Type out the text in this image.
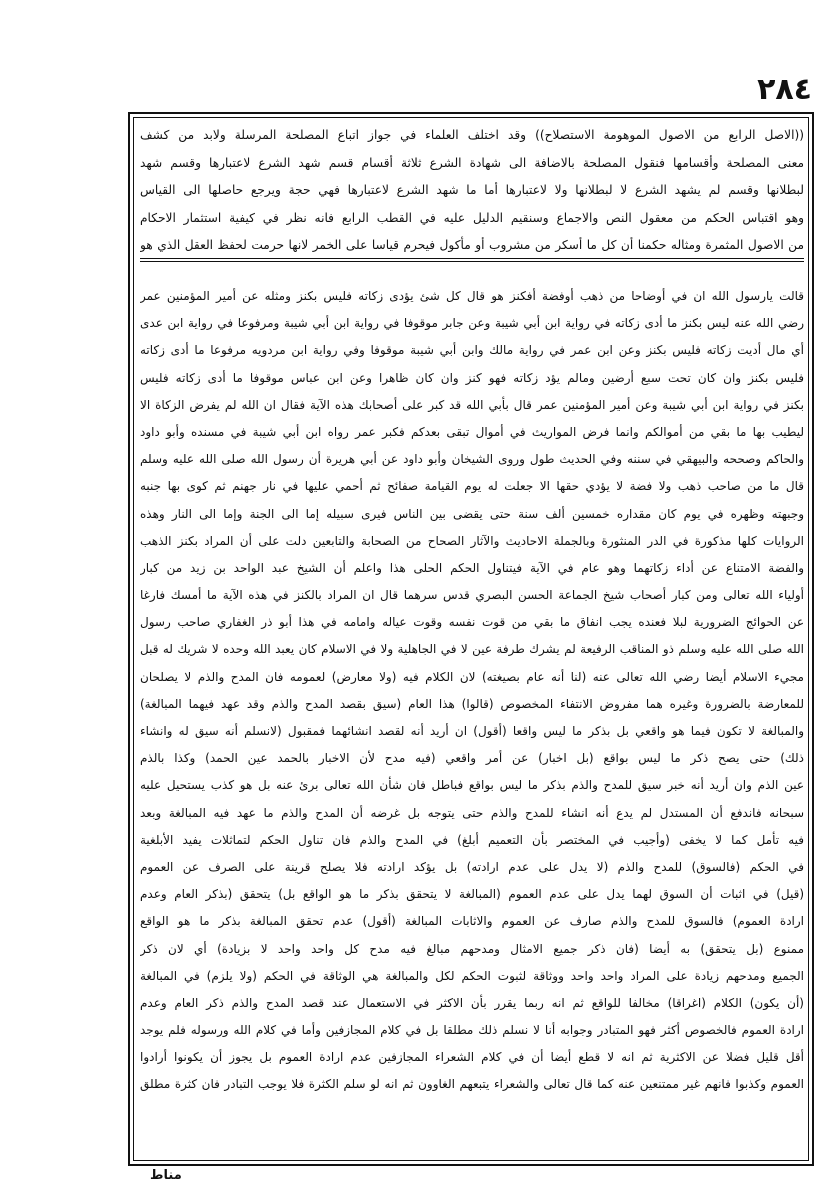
٢٨٤
((الاصل الرابع من الاصول الموهومة الاستصلاح)) وقد اختلف العلماء في جواز اتباع المصلحة المرسلة ولابد من كشف
معنى المصلحة وأقسامها فنقول المصلحة بالاضافة الى شهادة الشرع ثلاثة أقسام قسم شهد الشرع لاعتبارها وقسم شهد
لبطلانها وقسم لم يشهد الشرع لا لبطلانها ولا لاعتبارها أما ما شهد الشرع لاعتبارها فهي حجة ويرجع حاصلها الى القياس
وهو اقتباس الحكم من معقول النص والاجماع وسنقيم الدليل عليه في القطب الرابع فانه نظر في كيفية استثمار الاحكام
من الاصول المثمرة ومثاله حكمنا أن كل ما أسكر من مشروب أو مأكول فيحرم قياسا على الخمر لانها حرمت لحفظ العقل الذي هو
قالت يارسول الله ان في أوضاحا من ذهب أوفضة أفكنز هو قال كل شئ يؤدى زكاته فليس بكنز ومثله عن أمير المؤمنين عمر
رضي الله عنه ليس بكنز ما أدى زكاته في رواية ابن أبي شيبة وعن جابر موقوفا في رواية ابن أبي شيبة ومرفوعا في رواية ابن عدى
أي مال أديت زكاته فليس بكنز وعن ابن عمر في رواية مالك وابن أبي شيبة موقوفا وفي رواية ابن مردويه مرفوعا ما أدى زكاته
فليس بكنز وان كان تحت سبع أرضين ومالم يؤد زكاته فهو كنز وان كان ظاهرا وعن ابن عباس موقوفا ما أدى زكاته فليس
بكنز في رواية ابن أبي شيبة وعن أمير المؤمنين عمر قال بأبي الله قد كبر على أصحابك هذه الآية فقال ان الله لم يفرض الزكاة الا
ليطيب بها ما بقي من أموالكم وانما فرض المواريث في أموال تبقى بعدكم فكبر عمر رواه ابن أبي شيبة في مسنده وأبو داود
والحاكم وصححه والبيهقي في سننه وفي الحديث طول وروى الشيخان وأبو داود عن أبي هريرة أن رسول الله صلى الله عليه وسلم
قال ما من صاحب ذهب ولا فضة لا يؤدي حقها الا جعلت له يوم القيامة صفائح ثم أحمي عليها في نار جهنم ثم كوى بها جنبه
وجبهته وظهره في يوم كان مقداره خمسين ألف سنة حتى يقضى بين الناس فيرى سبيله إما الى الجنة وإما الى النار وهذه
الروايات كلها مذكورة في الدر المنثورة وبالجملة الاحاديث والآثار الصحاح من الصحابة والتابعين دلت على أن المراد بكنز الذهب
والفضة الامتناع عن أداء زكاتهما وهو عام في الآية فيتناول الحكم الحلى هذا واعلم أن الشيخ عبد الواحد بن زيد من كبار
أولياء الله تعالى ومن كبار أصحاب شيخ الجماعة الحسن البصري قدس سرهما قال ان المراد بالكنز في هذه الآية ما أمسك فارغا
عن الحوائج الضرورية لبلا فعنده يجب انفاق ما بقي من قوت نفسه وقوت عياله وامامه في هذا أبو ذر الغفاري صاحب رسول
الله صلى الله عليه وسلم ذو المناقب الرفيعة لم يشرك طرفة عين لا في الجاهلية ولا في الاسلام كان يعبد الله وحده لا شريك له قبل
مجيء الاسلام أيضا رضي الله تعالى عنه (لنا أنه عام بصيغته) لان الكلام فيه (ولا معارض) لعمومه فان المدح والذم لا يصلحان
للمعارضة بالضرورة وغيره هما مفروض الانتفاء المخصوص (قالوا) هذا العام (سيق بقصد المدح والذم وقد عهد فيهما المبالغة)
والمبالغة لا تكون فيما هو واقعي بل بذكر ما ليس واقعا (أقول) ان أريد أنه لقصد انشائهما فمقبول (لانسلم أنه سيق له وانشاء
ذلك) حتى يصح ذكر ما ليس بواقع (بل اخبار) عن أمر واقعي (فيه مدح لأن الاخبار بالحمد عين الحمد) وكذا بالذم
عين الذم وان أريد أنه خبر سيق للمدح والذم بذكر ما ليس بواقع فباطل فان شأن الله تعالى برئ عنه بل هو كذب يستحيل عليه
سبحانه فاندفع أن المستدل لم يدع أنه انشاء للمدح والذم حتى يتوجه بل غرضه أن المدح والذم ما عهد فيه المبالغة وبعد
فيه تأمل كما لا يخفى (وأجيب في المختصر بأن التعميم أبلغ) في المدح والذم فان تناول الحكم لتماثلات يفيد الأبلغية
في الحكم (فالسوق) للمدح والذم (لا يدل على عدم ارادته) بل يؤكد ارادته فلا يصلح قرينة على الصرف عن العموم
(قيل) في اثبات أن السوق لهما يدل على عدم العموم (المبالغة لا يتحقق بذكر ما هو الواقع بل) يتحقق (بذكر العام وعدم
ارادة العموم) فالسوق للمدح والذم صارف عن العموم والاثابات المبالغة (أقول) عدم تحقق المبالغة بذكر ما هو الواقع
ممنوع (بل يتحقق) به أيضا (فان ذكر جميع الامثال ومدحهم مبالغ فيه مدح كل واحد واحد لا بزيادة) أي لان ذكر
الجميع ومدحهم زيادة على المراد واحد واحد ووثاقة لثبوت الحكم لكل والمبالغة هي الوثاقة في الحكم (ولا يلزم) في المبالغة
(أن يكون) الكلام (اغراقا) مخالفا للواقع ثم انه ربما يقرر بأن الاكثر في الاستعمال عند قصد المدح والذم ذكر العام وعدم
ارادة العموم فالخصوص أكثر فهو المتبادر وجوابه أنا لا نسلم ذلك مطلقا بل في كلام المجازفين وأما في كلام الله ورسوله فلم يوجد
أقل قليل فضلا عن الاكثرية ثم انه لا قطع أيضا أن في كلام الشعراء المجازفين عدم ارادة العموم بل يجوز أن يكونوا أرادوا
العموم وكذبوا فانهم غير ممتنعين عنه كما قال تعالى والشعراء يتبعهم الغاوون ثم انه لو سلم الكثرة فلا يوجب التبادر فان كثرة مطلق
مناط
